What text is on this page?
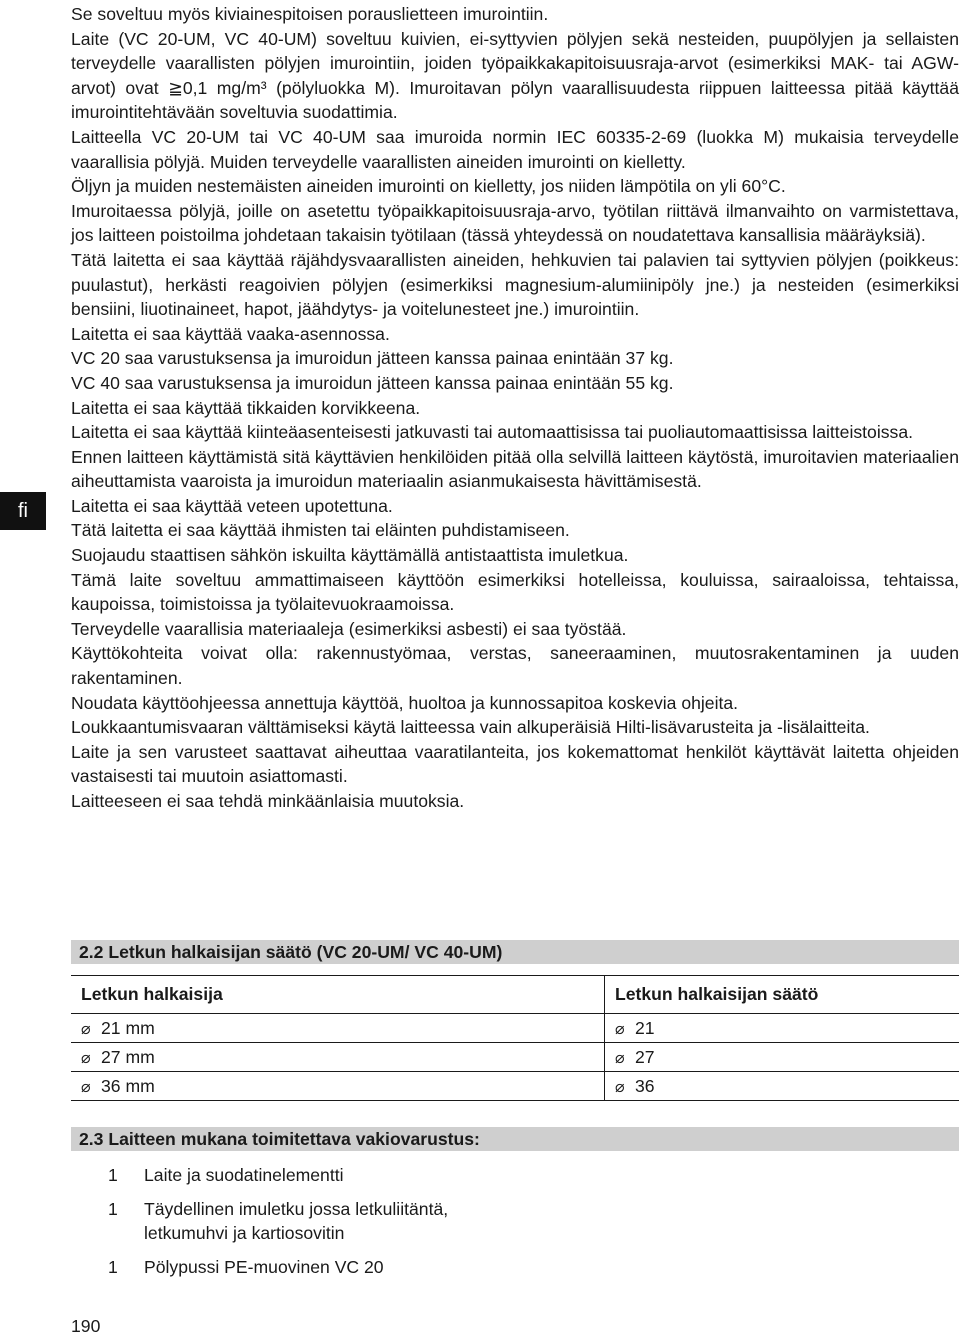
fi

Se soveltuu myös kiviainespitoisen porauslietteen imurointiin.

Laite (VC 20-UM, VC 40-UM) soveltuu kuivien, ei-syttyvien pölyjen sekä nesteiden, puupölyjen ja sellaisten terveydelle vaarallisten pölyjen imurointiin, joiden työpaikkakapitoisuusraja-arvot (esimerkiksi MAK- tai AGW-arvot) ovat ≧0,1 mg/m³ (pölyluokka M). Imuroitavan pölyn vaarallisuudesta riippuen laitteessa pitää käyttää imurointitehtävään soveltuvia suodattimia.

Laitteella VC 20-UM tai VC 40-UM saa imuroida normin IEC 60335-2-69 (luokka M) mukaisia terveydelle vaarallisia pölyjä. Muiden terveydelle vaarallisten aineiden imurointi on kielletty.

Öljyn ja muiden nestemäisten aineiden imurointi on kielletty, jos niiden lämpötila on yli 60°C.

Imuroitaessa pölyjä, joille on asetettu työpaikkapitoisuusraja-arvo, työtilan riittävä ilmanvaihto on varmistettava, jos laitteen poistoilma johdetaan takaisin työtilaan (tässä yhteydessä on noudatettava kansallisia määräyksiä).

Tätä laitetta ei saa käyttää räjähdysvaarallisten aineiden, hehkuvien tai palavien tai syttyvien pölyjen (poikkeus: puulastut), herkästi reagoivien pölyjen (esimerkiksi magnesium-alumiinipöly jne.) ja nesteiden (esimerkiksi bensiini, liuotinaineet, hapot, jäähdytys- ja voitelunesteet jne.) imurointiin.

Laitetta ei saa käyttää vaaka-asennossa.

VC 20 saa varustuksensa ja imuroidun jätteen kanssa painaa enintään 37 kg.

VC 40 saa varustuksensa ja imuroidun jätteen kanssa painaa enintään 55 kg.

Laitetta ei saa käyttää tikkaiden korvikkeena.

Laitetta ei saa käyttää kiinteäasenteisesti jatkuvasti tai automaattisissa tai puoliautomaattisissa laitteistoissa.

Ennen laitteen käyttämistä sitä käyttävien henkilöiden pitää olla selvillä laitteen käytöstä, imuroitavien materiaalien aiheuttamista vaaroista ja imuroidun materiaalin asianmukaisesta hävittämisestä.

Laitetta ei saa käyttää veteen upotettuna.

Tätä laitetta ei saa käyttää ihmisten tai eläinten puhdistamiseen.

Suojaudu staattisen sähkön iskuilta käyttämällä antistaattista imuletkua.

Tämä laite soveltuu ammattimaiseen käyttöön esimerkiksi hotelleissa, kouluissa, sairaaloissa, tehtaissa, kaupoissa, toimistoissa ja työlaitevuokraamoissa.

Terveydelle vaarallisia materiaaleja (esimerkiksi asbesti) ei saa työstää.

Käyttökohteita voivat olla: rakennustyömaa, verstas, saneeraaminen, muutosrakentaminen ja uuden rakentaminen.

Noudata käyttöohjeessa annettuja käyttöä, huoltoa ja kunnossapitoa koskevia ohjeita.

Loukkaantumisvaaran välttämiseksi käytä laitteessa vain alkuperäisiä Hilti-lisävarusteita ja -lisälaitteita.

Laite ja sen varusteet saattavat aiheuttaa vaaratilanteita, jos kokemattomat henkilöt käyttävät laitetta ohjeiden vastaisesti tai muutoin asiattomasti.

Laitteeseen ei saa tehdä minkäänlaisia muutoksia.

2.2 Letkun halkaisijan säätö (VC 20-UM/ VC 40-UM)
Letkun halkaisija	Letkun halkaisijan säätö
⌀ 21 mm	⌀ 21
⌀ 27 mm	⌀ 27
⌀ 36 mm	⌀ 36
2.3 Laitteen mukana toimitettava vakiovarustus:
1	Laite ja suodatinelementti
1	Täydellinen imuletku jossa letkuliitäntä, letkumuhvi ja kartiosovitin
1	Pölypussi PE-muovinen VC 20
190
